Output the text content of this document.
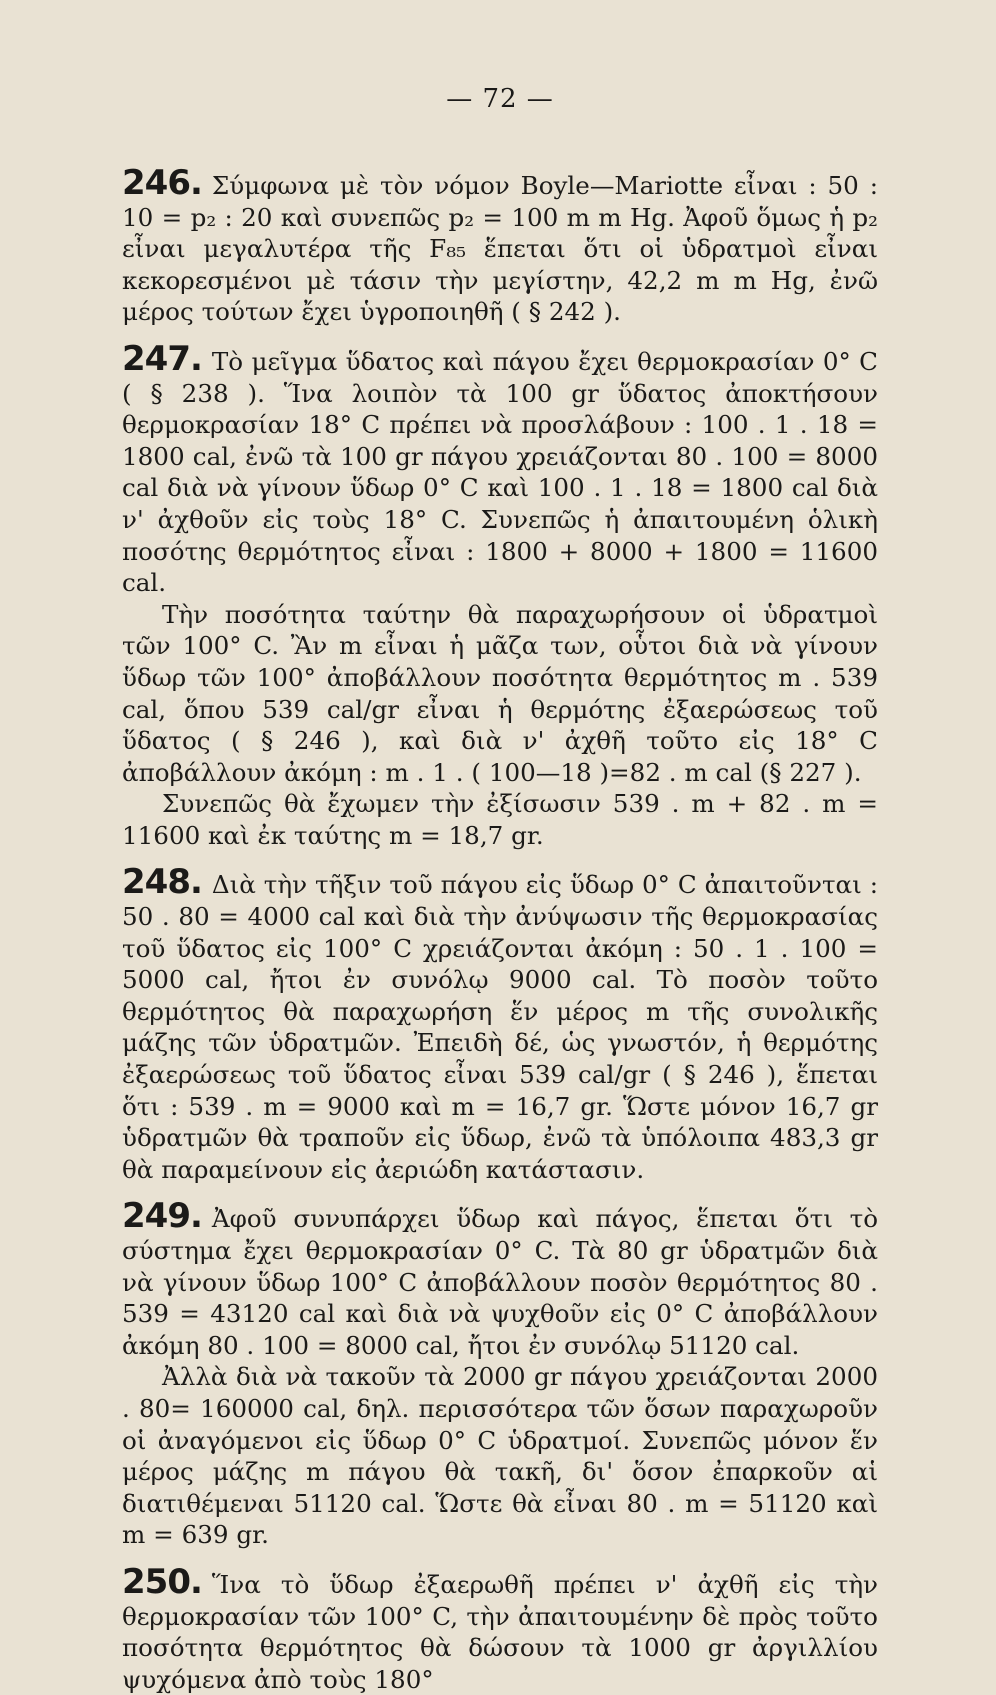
— 72 —

246. Σύμφωνα μὲ τὸν νόμον Boyle—Mariotte εἶναι : 50 : 10 = p₂ : 20 καὶ συνεπῶς p₂ = 100 m m Hg. Ἀφοῦ ὅμως ἡ p₂ εἶναι μεγαλυτέρα τῆς F₈₅ ἕπεται ὅτι οἱ ὑδρατμοὶ εἶναι κεκορεσμένοι μὲ τάσιν τὴν μεγίστην, 42,2 m m Hg, ἐνῶ μέρος τούτων ἔχει ὑγροποιηθῆ ( § 242 ).

247. Τὸ μεῖγμα ὕδατος καὶ πάγου ἔχει θερμοκρασίαν 0° C ( § 238 ). Ἵνα λοιπὸν τὰ 100 gr ὕδατος ἀποκτήσουν θερμοκρασίαν 18° C πρέπει νὰ προσλάβουν : 100 . 1 . 18 = 1800 cal, ἐνῶ τὰ 100 gr πάγου χρειάζονται 80 . 100 = 8000 cal διὰ νὰ γίνουν ὕδωρ 0° C καὶ 100 . 1 . 18 = 1800 cal διὰ ν' ἀχθοῦν εἰς τοὺς 18° C. Συνεπῶς ἡ ἀπαιτουμένη ὁλικὴ ποσότης θερμότητος εἶναι : 1800 + 8000 + 1800 = 11600 cal.

Τὴν ποσότητα ταύτην θὰ παραχωρήσουν οἱ ὑδρατμοὶ τῶν 100° C. Ἂν m εἶναι ἡ μᾶζα των, οὗτοι διὰ νὰ γίνουν ὕδωρ τῶν 100° ἀποβάλλουν ποσότητα θερμότητος m . 539 cal, ὅπου 539 cal/gr εἶναι ἡ θερμότης ἐξαερώσεως τοῦ ὕδατος ( § 246 ), καὶ διὰ ν' ἀχθῆ τοῦτο εἰς 18° C ἀποβάλλουν ἀκόμη : m . 1 . ( 100—18 )=82 . m cal (§ 227 ).

Συνεπῶς θὰ ἔχωμεν τὴν ἐξίσωσιν 539 . m + 82 . m = 11600 καὶ ἐκ ταύτης m = 18,7 gr.

248. Διὰ τὴν τῆξιν τοῦ πάγου εἰς ὕδωρ 0° C ἀπαιτοῦνται : 50 . 80 = 4000 cal καὶ διὰ τὴν ἀνύψωσιν τῆς θερμοκρασίας τοῦ ὕδατος εἰς 100° C χρειάζονται ἀκόμη : 50 . 1 . 100 = 5000 cal, ἤτοι ἐν συνόλῳ 9000 cal. Τὸ ποσὸν τοῦτο θερμότητος θὰ παραχωρήση ἕν μέρος m τῆς συνολικῆς μάζης τῶν ὑδρατμῶν. Ἐπειδὴ δέ, ὡς γνωστόν, ἡ θερμότης ἐξαερώσεως τοῦ ὕδατος εἶναι 539 cal/gr ( § 246 ), ἕπεται ὅτι : 539 . m = 9000 καὶ m = 16,7 gr. Ὥστε μόνον 16,7 gr ὑδρατμῶν θὰ τραποῦν εἰς ὕδωρ, ἐνῶ τὰ ὑπόλοιπα 483,3 gr θὰ παραμείνουν εἰς ἀεριώδη κατάστασιν.

249. Ἀφοῦ συνυπάρχει ὕδωρ καὶ πάγος, ἕπεται ὅτι τὸ σύστημα ἔχει θερμοκρασίαν 0° C. Τὰ 80 gr ὑδρατμῶν διὰ νὰ γίνουν ὕδωρ 100° C ἀποβάλλουν ποσὸν θερμότητος 80 . 539 = 43120 cal καὶ διὰ νὰ ψυχθοῦν εἰς 0° C ἀποβάλλουν ἀκόμη 80 . 100 = 8000 cal, ἤτοι ἐν συνόλῳ 51120 cal.

Ἀλλὰ διὰ νὰ τακοῦν τὰ 2000 gr πάγου χρειάζονται 2000 . 80= 160000 cal, δηλ. περισσότερα τῶν ὅσων παραχωροῦν οἱ ἀναγόμενοι εἰς ὕδωρ 0° C ὑδρατμοί. Συνεπῶς μόνον ἕν μέρος μάζης m πάγου θὰ τακῆ, δι' ὅσον ἐπαρκοῦν αἱ διατιθέμεναι 51120 cal. Ὥστε θὰ εἶναι 80 . m = 51120 καὶ m = 639 gr.

250. Ἵνα τὸ ὕδωρ ἐξαερωθῆ πρέπει ν' ἀχθῆ εἰς τὴν θερμοκρασίαν τῶν 100° C, τὴν ἀπαιτουμένην δὲ πρὸς τοῦτο ποσότητα θερμότητος θὰ δώσουν τὰ 1000 gr ἀργιλλίου ψυχόμενα ἀπὸ τοὺς 180°
